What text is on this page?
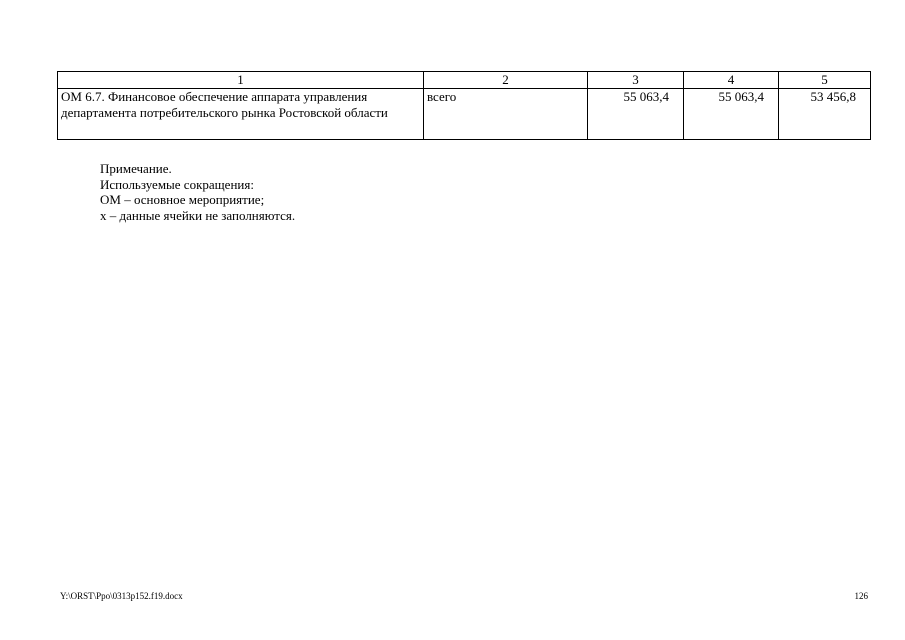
1	2	3	4	5
ОМ 6.7. Финансовое обеспечение аппарата управления департамента потребительского рынка Ростовской области	всего	55 063,4	55 063,4	53 456,8
Примечание.
Используемые сокращения:
ОМ – основное мероприятие;
х – данные ячейки не заполняются.
Y:\ORST\Ppo\0313p152.f19.docx	126
